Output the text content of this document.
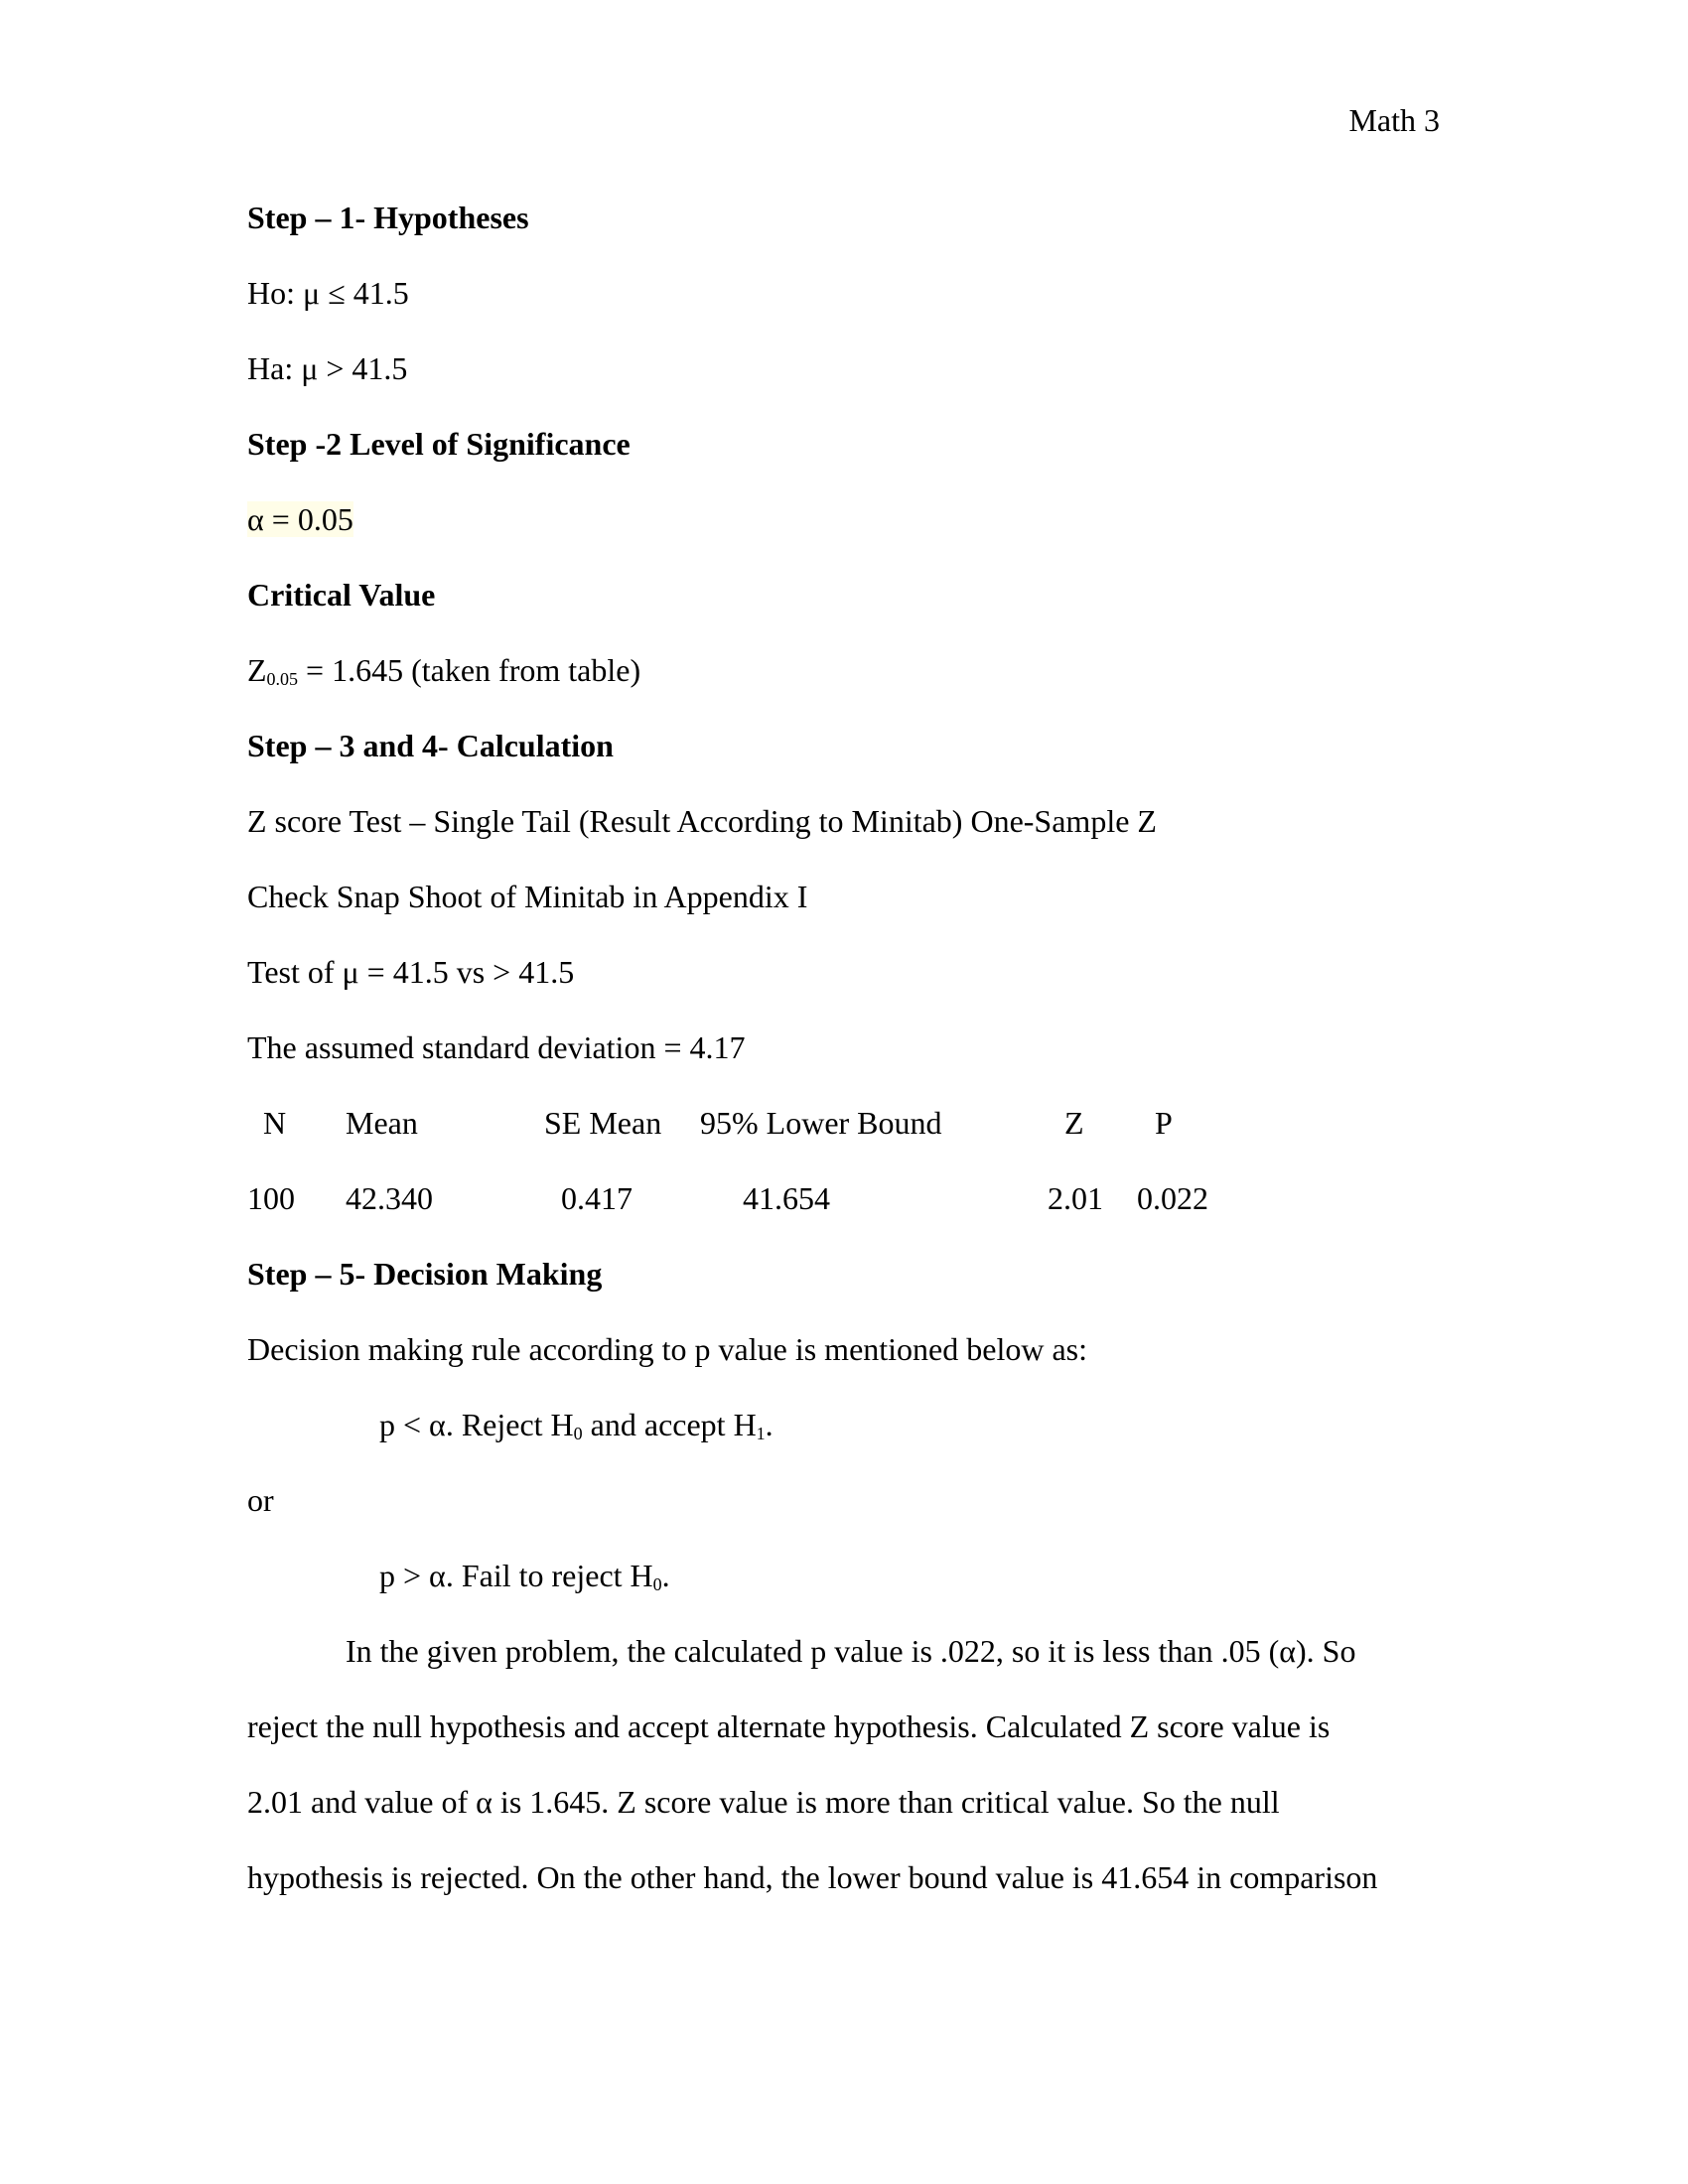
Math 3
Step – 1- Hypotheses
Ho: μ ≤ 41.5
Ha: μ > 41.5
Step -2 Level of Significance
α = 0.05
Critical Value
$Z_{0.05} = 1.645$ (taken from table)
Step – 3 and 4- Calculation
Z score Test – Single Tail (Result According to Minitab) One-Sample Z
Check Snap Shoot of Minitab in Appendix I
Test of μ = 41.5 vs > 41.5
The assumed standard deviation = 4.17
N Mean	SE Mean 95% Lower Bound	Z P
100 42.340	0.417	41.654	2.01 0.022
Step – 5- Decision Making
Decision making rule according to p value is mentioned below as:
p < α. Reject $H_0$ and accept $H_1$.
or
p > α. Fail to reject $H_0$.
In the given problem, the calculated p value is .022, so it is less than .05 (α). So
reject the null hypothesis and accept alternate hypothesis. Calculated Z score value is
2.01 and value of α is 1.645. Z score value is more than critical value. So the null
hypothesis is rejected. On the other hand, the lower bound value is 41.654 in comparison
